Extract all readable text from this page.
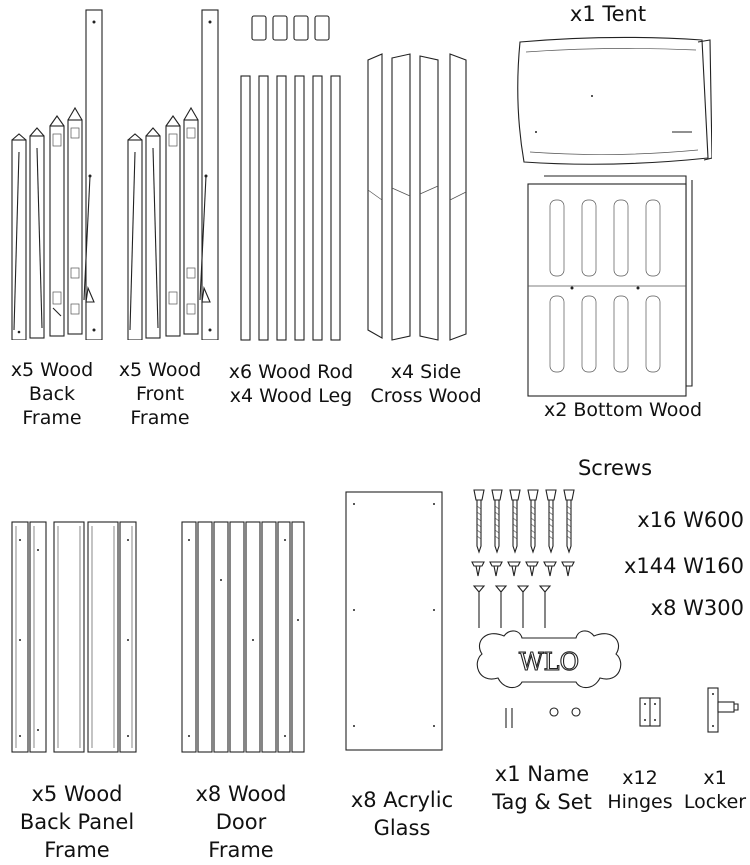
WLO
x5 Wood
Back
Frame
x5 Wood
Front
Frame
x6 Wood Rod
x4 Wood Leg
x4 Side
Cross Wood
x1 Tent
x2 Bottom Wood
Screws
x16 W600
x144 W160
x8 W300
x5 Wood
Back Panel
Frame
x8 Wood
Door
Frame
x8 Acrylic
Glass
x1 Name
Tag & Set
x12
Hinges
x1
Locker
